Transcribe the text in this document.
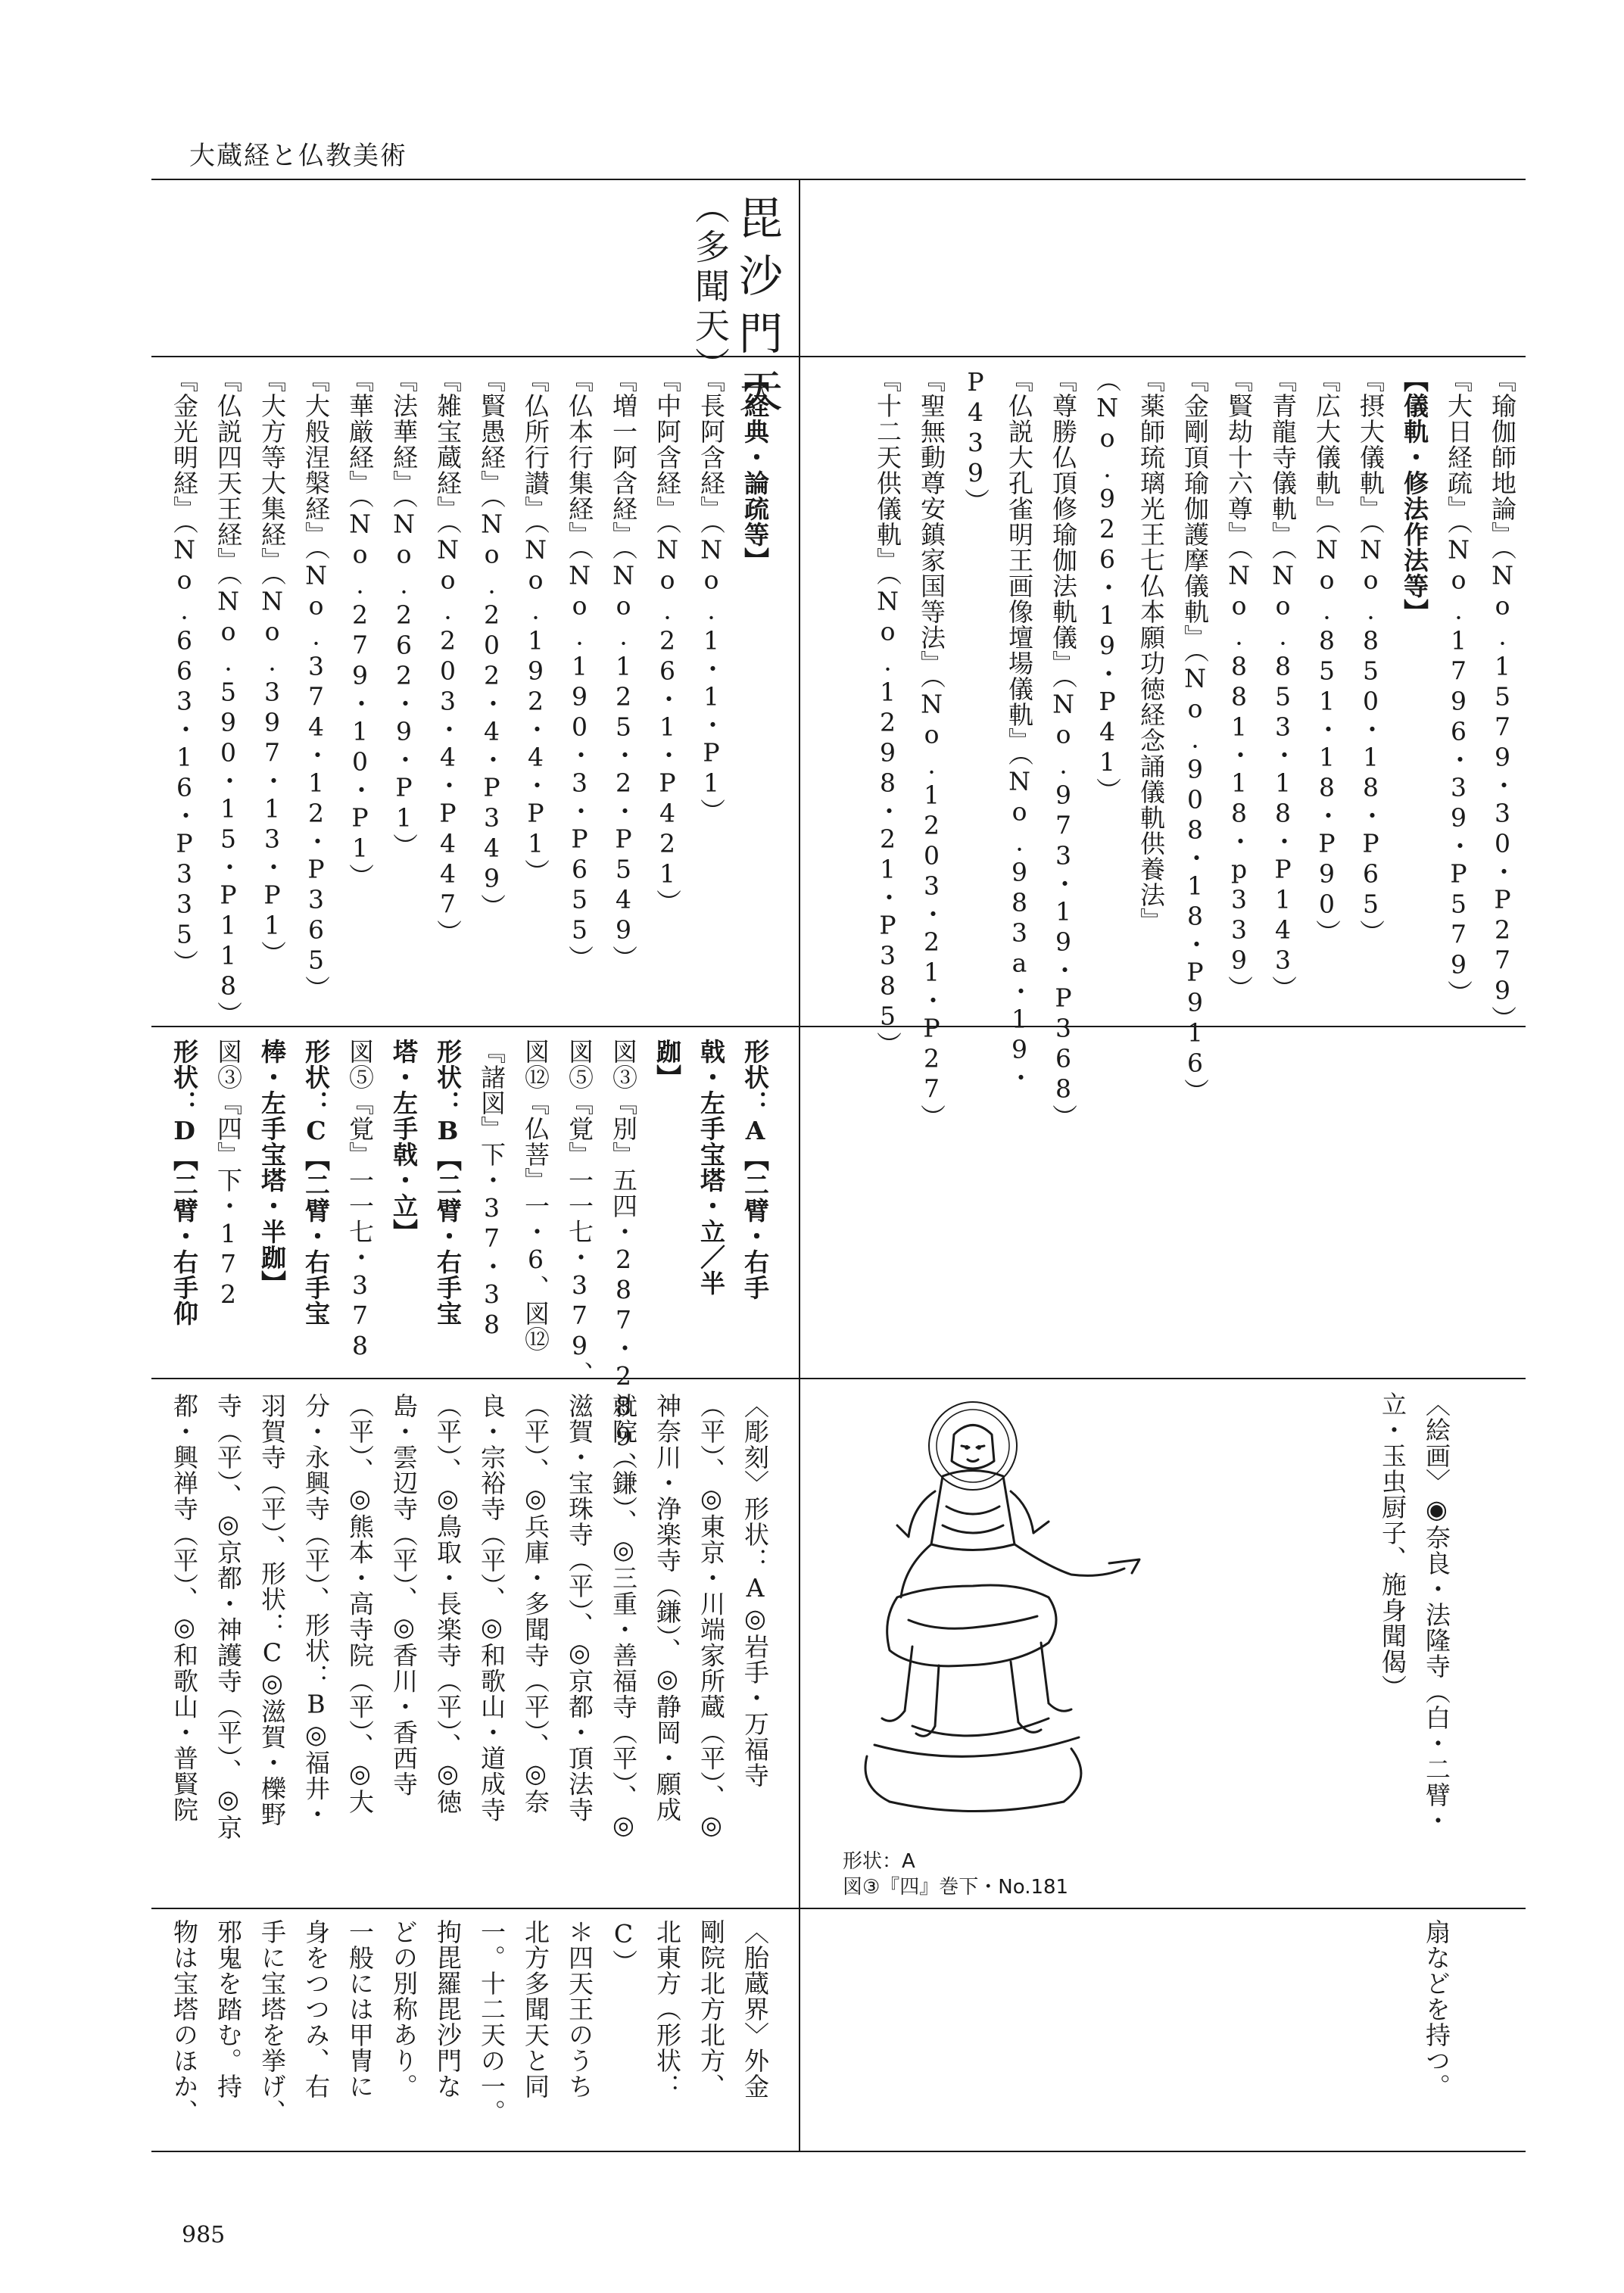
大蔵経と仏教美術
毘沙門天
（多聞天）
『瑜伽師地論』（No.1579・30・P279）
『大日経疏』（No.1796・39・P579）
【儀軌・修法作法等】
『摂大儀軌』（No.850・18・P65）
『広大儀軌』（No.851・18・P90）
『青龍寺儀軌』（No.853・18・P143）
『賢劫十六尊』（No.881・18・p339）
『金剛頂瑜伽護摩儀軌』（No.908・18・P916）
『薬師琉璃光王七仏本願功徳経念誦儀軌供養法』
（No.926・19・P41）
『尊勝仏頂修瑜伽法軌儀』（No.973・19・P368）
『仏説大孔雀明王画像壇場儀軌』（No.983a・19・
P439）
『聖無動尊安鎮家国等法』（No.1203・21・P27）
『十二天供儀軌』（No.1298・21・P385）
【経典・論疏等】
『長阿含経』（No.1・1・P1）
『中阿含経』（No.26・1・P421）
『増一阿含経』（No.125・2・P549）
『仏本行集経』（No.190・3・P655）
『仏所行讃』（No.192・4・P1）
『賢愚経』（No.202・4・P349）
『雑宝蔵経』（No.203・4・P447）
『法華経』（No.262・9・P1）
『華厳経』（No.279・10・P1）
『大般涅槃経』（No.374・12・P365）
『大方等大集経』（No.397・13・P1）
『仏説四天王経』（No.590・15・P118）
『金光明経』（No.663・16・P335）
形状：A【二臂・右手
戟・左手宝塔・立／半
跏】
図③『別』五四・287・289、
図⑤『覚』一一七・379、
図⑫『仏菩』一・6、図⑫
『諸図』下・37・38
形状：B【二臂・右手宝
塔・左手戟・立】
図⑤『覚』一一七・378
形状：C【二臂・右手宝
棒・左手宝塔・半跏】
図③『四』下・172
形状：D【二臂・右手仰
〈絵画〉◉奈良・法隆寺（白・二臂・
立・玉虫厨子、施身聞偈）
形状：A
図③『四』巻下・No.181
〈彫刻〉形状：A◎岩手・万福寺
（平）、◎東京・川端家所蔵（平）、◎
神奈川・浄楽寺（鎌）、◎静岡・願成
就院（鎌）、◎三重・善福寺（平）、◎
滋賀・宝珠寺（平）、◎京都・頂法寺
（平）、◎兵庫・多聞寺（平）、◎奈
良・宗裕寺（平）、◎和歌山・道成寺
（平）、◎鳥取・長楽寺（平）、◎徳
島・雲辺寺（平）、◎香川・香西寺
（平）、◎熊本・高寺院（平）、◎大
分・永興寺（平）、形状：B◎福井・
羽賀寺（平）、形状：C◎滋賀・櫟野
寺（平）、◎京都・神護寺（平）、◎京
都・興禅寺（平）、◎和歌山・普賢院
扇などを持つ。
〈胎蔵界〉外金
剛院北方北方、
北東方（形状：
C）
＊四天王のうち
北方多聞天と同
一。十二天の一。
拘毘羅毘沙門な
どの別称あり。
一般には甲冑に
身をつつみ、右
手に宝塔を挙げ、
邪鬼を踏む。持
物は宝塔のほか、
985
